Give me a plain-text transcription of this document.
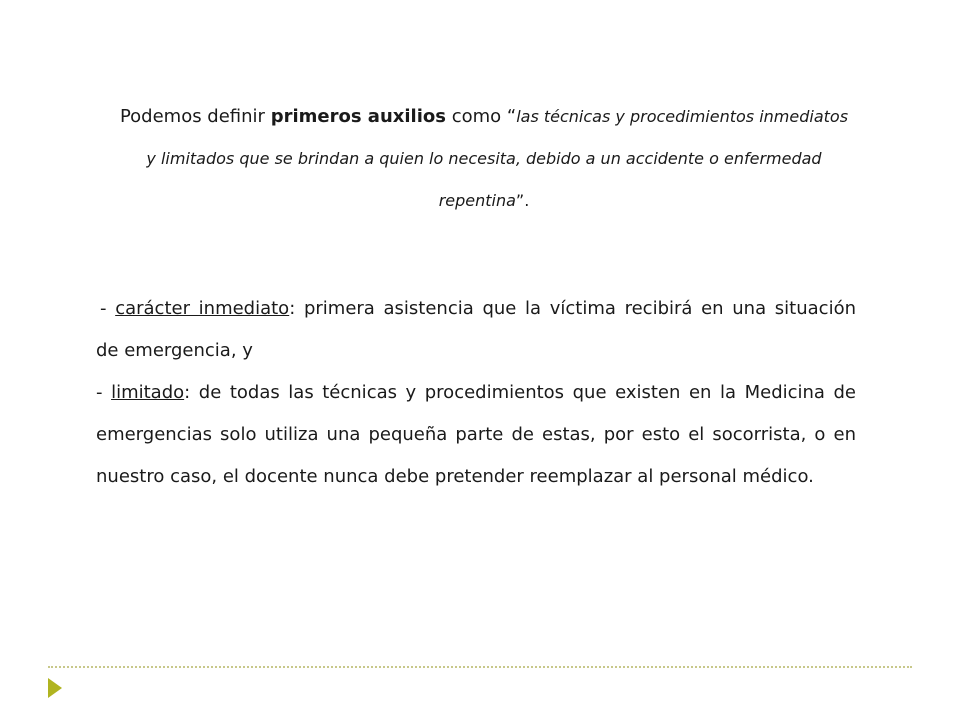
Podemos definir primeros auxilios como “las técnicas y procedimientos inmediatos
y limitados que se brindan a quien lo necesita, debido a un accidente o enfermedad
repentina”.
- carácter inmediato: primera asistencia que la víctima recibirá en una situación
de emergencia, y
- limitado: de todas las técnicas y procedimientos que existen en la Medicina de
emergencias solo utiliza una pequeña parte de estas, por esto el socorrista, o en
nuestro caso, el docente nunca debe pretender reemplazar al personal médico.
